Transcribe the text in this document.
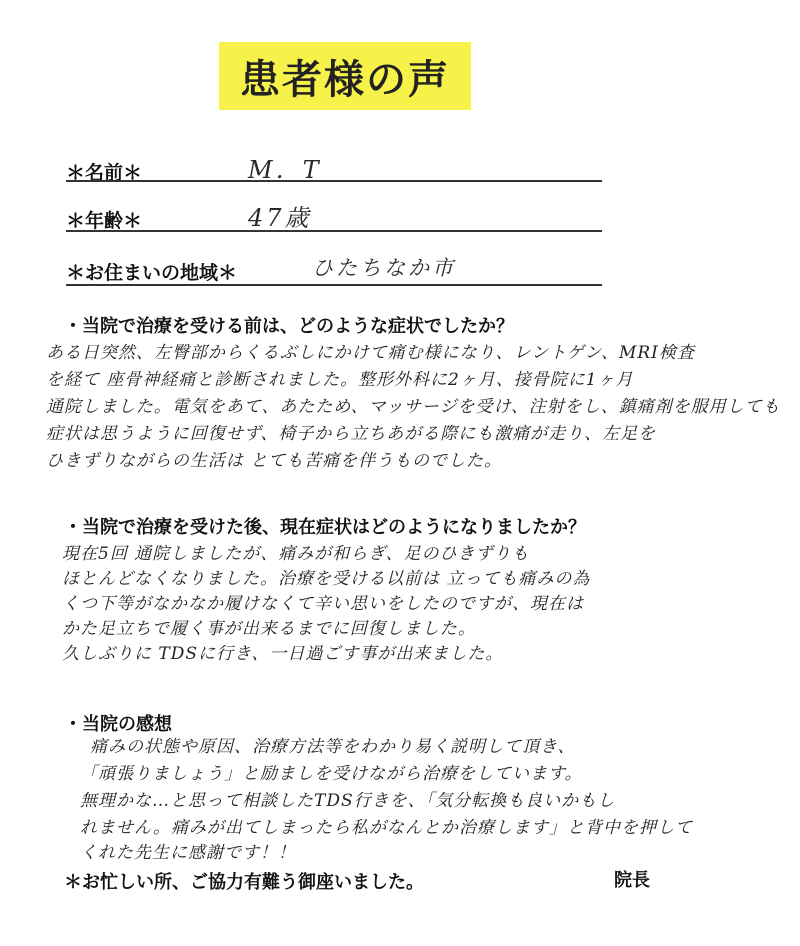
患者様の声
＊名前＊	M．T
＊年齢＊	47歳
＊お住まいの地域＊	ひたちなか市
・当院で治療を受ける前は、どのような症状でしたか？
ある日突然、左臀部からくるぶしにかけて痛む様になり、レントゲン、MRI検査
を経て 座骨神経痛と診断されました。整形外科に2ヶ月、接骨院に1ヶ月
通院しました。電気をあて、あたため、マッサージを受け、注射をし、鎮痛剤を服用しても
症状は思うように回復せず、椅子から立ちあがる際にも激痛が走り、左足を
ひきずりながらの生活は とても苦痛を伴うものでした。
・当院で治療を受けた後、現在症状はどのようになりましたか？
現在5回 通院しましたが、痛みが和らぎ、足のひきずりも
ほとんどなくなりました。治療を受ける以前は 立っても痛みの為
くつ下等がなかなか履けなくて辛い思いをしたのですが、現在は
かた足立ちで履く事が出来るまでに回復しました。
久しぶりに TDSに行き、一日過ごす事が出来ました。
・当院の感想
痛みの状態や原因、治療方法等をわかり易く説明して頂き、
「頑張りましょう」と励ましを受けながら治療をしています。
無理かな…と思って相談したTDS行きを、「気分転換も良いかもし
れません。痛みが出てしまったら私がなんとか治療します」と背中を押して
くれた先生に感謝です！！
＊お忙しい所、ご協力有難う御座いました。	院長
